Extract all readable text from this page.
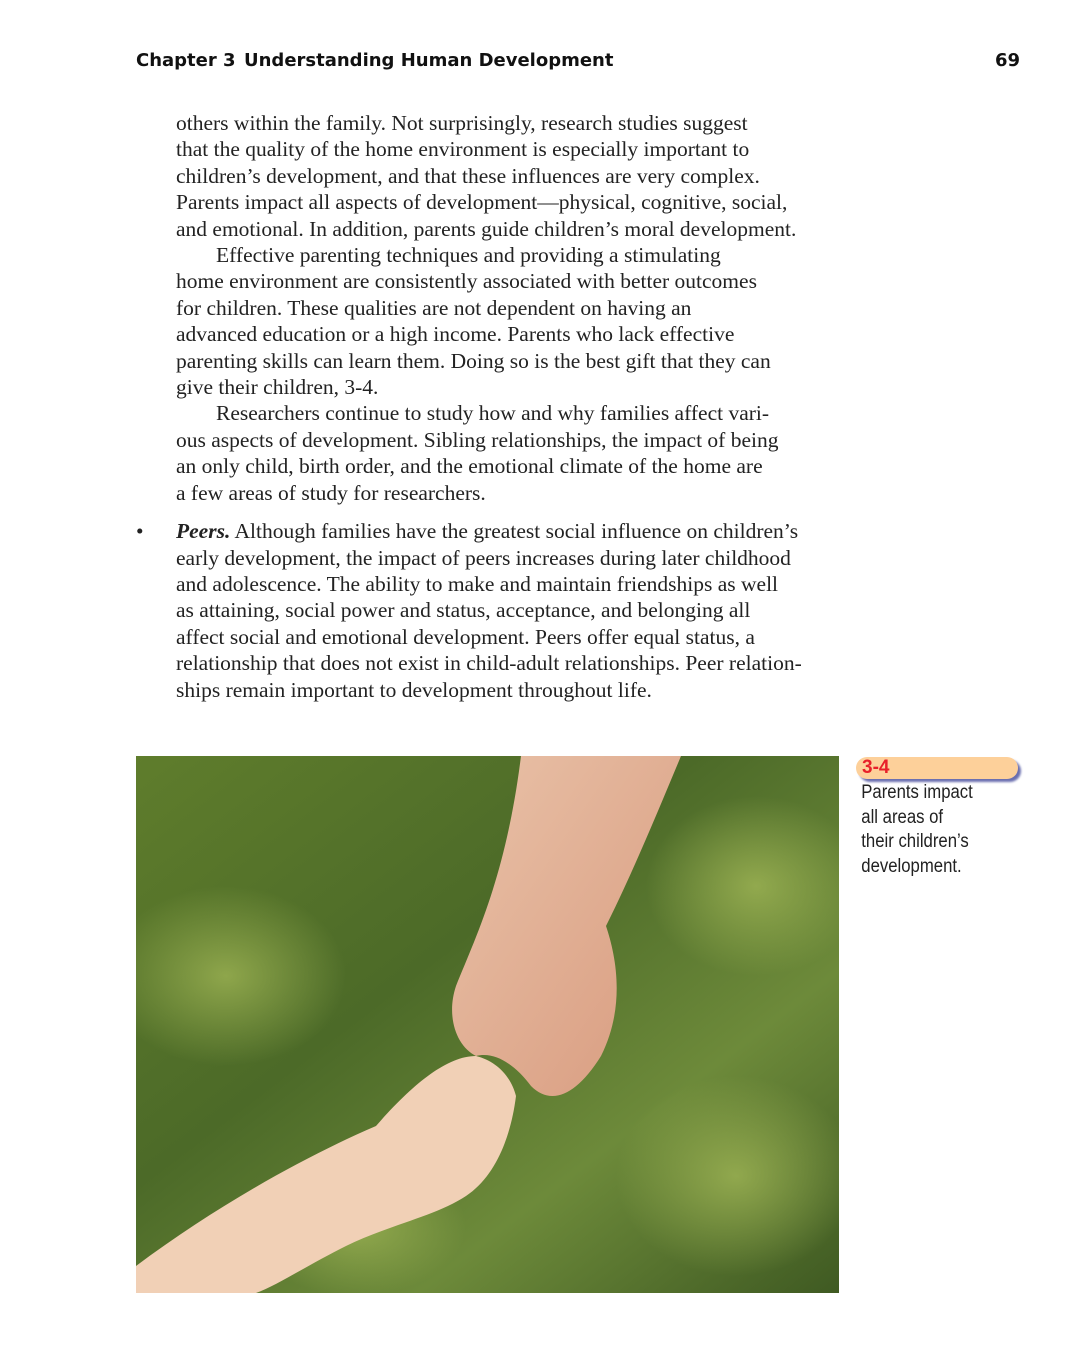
Chapter 3 Understanding Human Development	69
others within the family. Not surprisingly, research studies suggest
that the quality of the home environment is especially important to
children’s development, and that these influences are very complex.
Parents impact all aspects of development—physical, cognitive, social,
and emotional. In addition, parents guide children’s moral development.
Effective parenting techniques and providing a stimulating
home environment are consistently associated with better outcomes
for children. These qualities are not dependent on having an
advanced education or a high income. Parents who lack effective
parenting skills can learn them. Doing so is the best gift that they can
give their children, 3-4.
Researchers continue to study how and why families affect vari-
ous aspects of development. Sibling relationships, the impact of being
an only child, birth order, and the emotional climate of the home are
a few areas of study for researchers.
• Peers. Although families have the greatest social influence on children’s
early development, the impact of peers increases during later childhood
and adolescence. The ability to make and maintain friendships as well
as attaining, social power and status, acceptance, and belonging all
affect social and emotional development. Peers offer equal status, a
relationship that does not exist in child-adult relationships. Peer relation-
ships remain important to development throughout life.
3-4
Parents impact
all areas of
their children’s
development.
